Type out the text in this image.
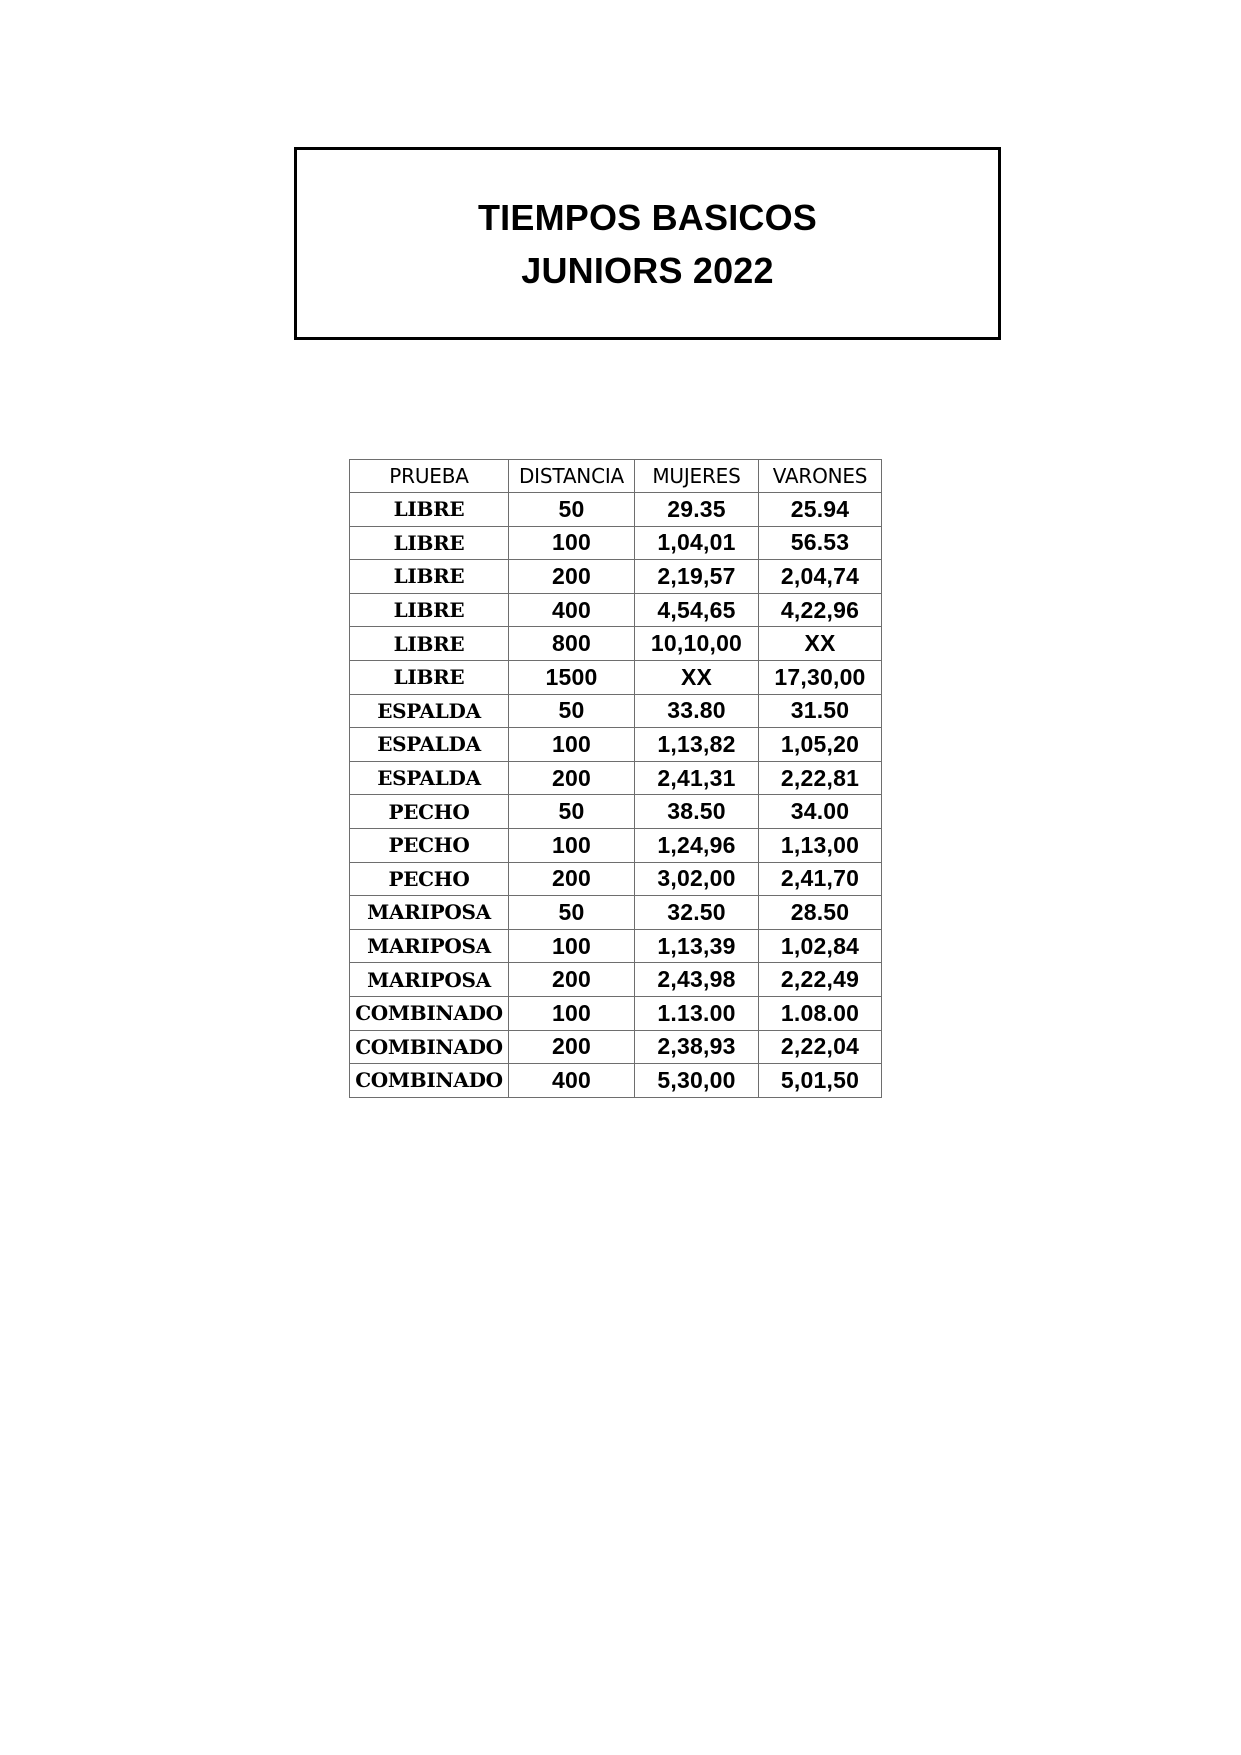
TIEMPOS BASICOS
JUNIORS 2022
PRUEBA	DISTANCIA	MUJERES	VARONES
LIBRE	50	29.35	25.94
LIBRE	100	1,04,01	56.53
LIBRE	200	2,19,57	2,04,74
LIBRE	400	4,54,65	4,22,96
LIBRE	800	10,10,00	XX
LIBRE	1500	XX	17,30,00
ESPALDA	50	33.80	31.50
ESPALDA	100	1,13,82	1,05,20
ESPALDA	200	2,41,31	2,22,81
PECHO	50	38.50	34.00
PECHO	100	1,24,96	1,13,00
PECHO	200	3,02,00	2,41,70
MARIPOSA	50	32.50	28.50
MARIPOSA	100	1,13,39	1,02,84
MARIPOSA	200	2,43,98	2,22,49
COMBINADO	100	1.13.00	1.08.00
COMBINADO	200	2,38,93	2,22,04
COMBINADO	400	5,30,00	5,01,50
